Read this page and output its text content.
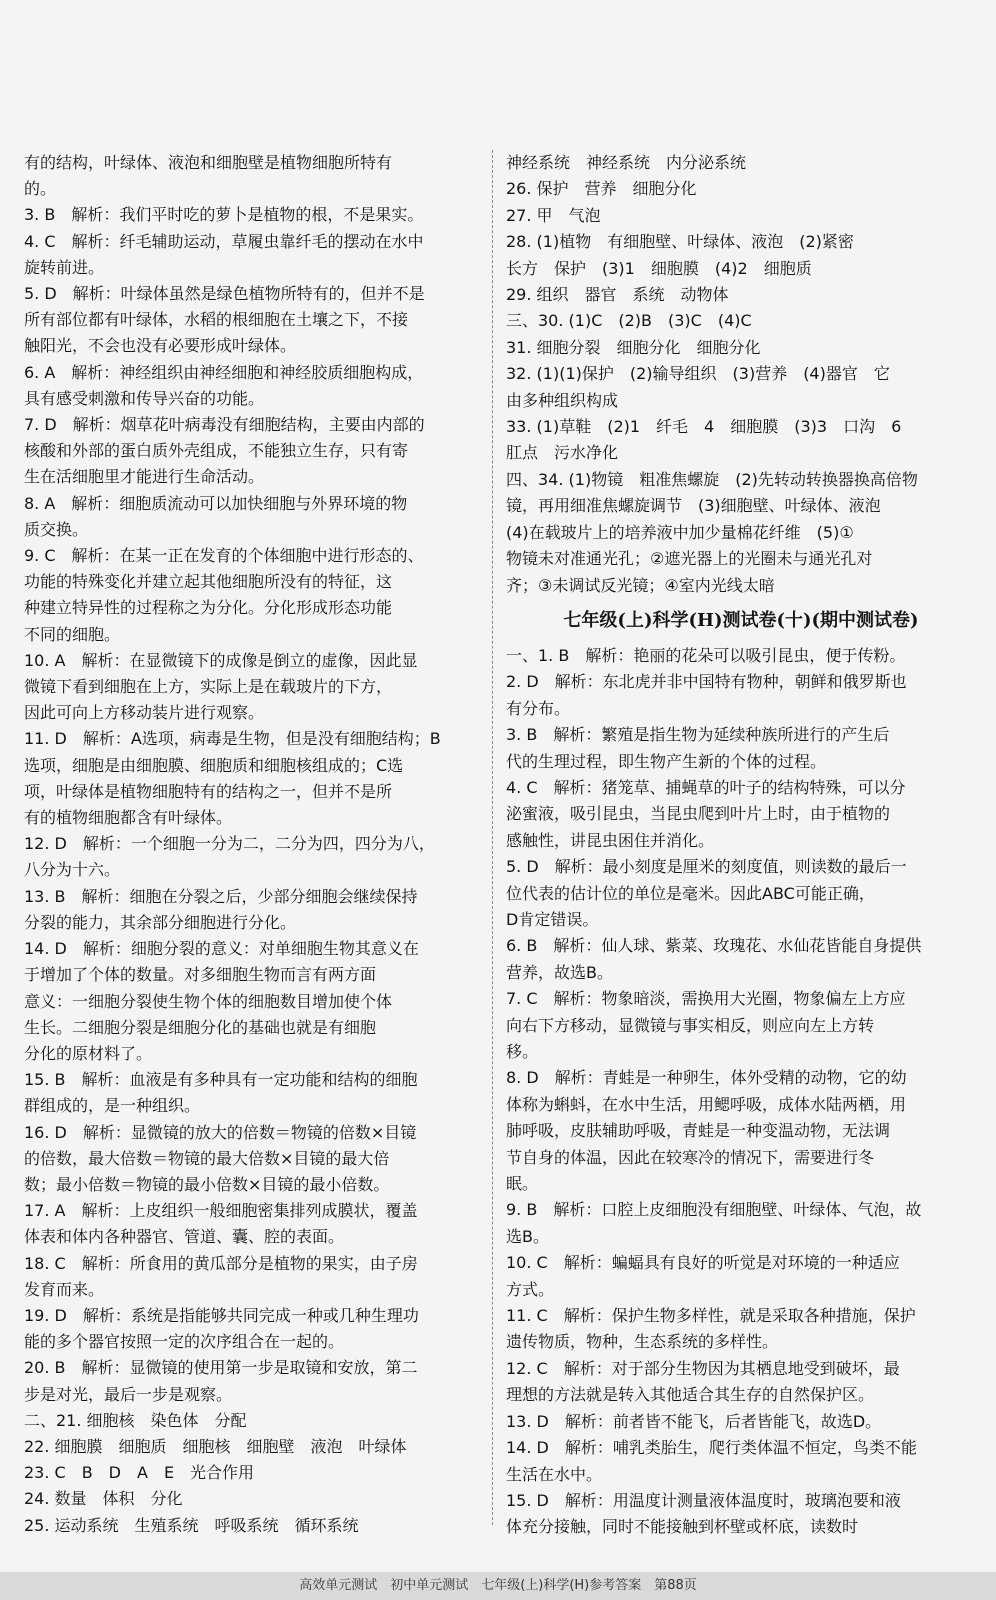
有的结构，叶绿体、液泡和细胞壁是植物细胞所特有
的。
3. B　解析：我们平时吃的萝卜是植物的根，不是果实。
4. C　解析：纤毛辅助运动，草履虫靠纤毛的摆动在水中
旋转前进。
5. D　解析：叶绿体虽然是绿色植物所特有的，但并不是
所有部位都有叶绿体，水稻的根细胞在土壤之下，不接
触阳光，不会也没有必要形成叶绿体。
6. A　解析：神经组织由神经细胞和神经胶质细胞构成，
具有感受刺激和传导兴奋的功能。
7. D　解析：烟草花叶病毒没有细胞结构，主要由内部的
核酸和外部的蛋白质外壳组成，不能独立生存，只有寄
生在活细胞里才能进行生命活动。
8. A　解析：细胞质流动可以加快细胞与外界环境的物
质交换。
9. C　解析：在某一正在发育的个体细胞中进行形态的、
功能的特殊变化并建立起其他细胞所没有的特征，这
种建立特异性的过程称之为分化。分化形成形态功能
不同的细胞。
10. A　解析：在显微镜下的成像是倒立的虚像，因此显
微镜下看到细胞在上方，实际上是在载玻片的下方，
因此可向上方移动装片进行观察。
11. D　解析：A选项，病毒是生物，但是没有细胞结构；B
选项，细胞是由细胞膜、细胞质和细胞核组成的；C选
项，叶绿体是植物细胞特有的结构之一，但并不是所
有的植物细胞都含有叶绿体。
12. D　解析：一个细胞一分为二，二分为四，四分为八，
八分为十六。
13. B　解析：细胞在分裂之后，少部分细胞会继续保持
分裂的能力，其余部分细胞进行分化。
14. D　解析：细胞分裂的意义：对单细胞生物其意义在
于增加了个体的数量。对多细胞生物而言有两方面
意义：一细胞分裂使生物个体的细胞数目增加使个体
生长。二细胞分裂是细胞分化的基础也就是有细胞
分化的原材料了。
15. B　解析：血液是有多种具有一定功能和结构的细胞
群组成的，是一种组织。
16. D　解析：显微镜的放大的倍数＝物镜的倍数×目镜
的倍数，最大倍数＝物镜的最大倍数×目镜的最大倍
数；最小倍数＝物镜的最小倍数×目镜的最小倍数。
17. A　解析：上皮组织一般细胞密集排列成膜状，覆盖
体表和体内各种器官、管道、囊、腔的表面。
18. C　解析：所食用的黄瓜部分是植物的果实，由子房
发育而来。
19. D　解析：系统是指能够共同完成一种或几种生理功
能的多个器官按照一定的次序组合在一起的。
20. B　解析：显微镜的使用第一步是取镜和安放，第二
步是对光，最后一步是观察。
二、21. 细胞核　染色体　分配
22. 细胞膜　细胞质　细胞核　细胞壁　液泡　叶绿体
23. C　B　D　A　E　光合作用
24. 数量　体积　分化
25. 运动系统　生殖系统　呼吸系统　循环系统
神经系统　神经系统　内分泌系统
26. 保护　营养　细胞分化
27. 甲　气泡
28. (1)植物　有细胞壁、叶绿体、液泡　(2)紧密
长方　保护　(3)1　细胞膜　(4)2　细胞质
29. 组织　器官　系统　动物体
三、30. (1)C　(2)B　(3)C　(4)C
31. 细胞分裂　细胞分化　细胞分化
32. (1)(1)保护　(2)输导组织　(3)营养　(4)器官　它
由多种组织构成
33. (1)草鞋　(2)1　纤毛　4　细胞膜　(3)3　口沟　6
肛点　污水净化
四、34. (1)物镜　粗准焦螺旋　(2)先转动转换器换高倍物
镜，再用细准焦螺旋调节　(3)细胞壁、叶绿体、液泡
(4)在载玻片上的培养液中加少量棉花纤维　(5)①
物镜未对准通光孔；②遮光器上的光圈未与通光孔对
齐；③未调试反光镜；④室内光线太暗
七年级(上)科学(H)测试卷(十)(期中测试卷)
一、1. B　解析：艳丽的花朵可以吸引昆虫，便于传粉。
2. D　解析：东北虎并非中国特有物种，朝鲜和俄罗斯也
有分布。
3. B　解析：繁殖是指生物为延续种族所进行的产生后
代的生理过程，即生物产生新的个体的过程。
4. C　解析：猪笼草、捕蝇草的叶子的结构特殊，可以分
泌蜜液，吸引昆虫，当昆虫爬到叶片上时，由于植物的
感触性，讲昆虫困住并消化。
5. D　解析：最小刻度是厘米的刻度值，则读数的最后一
位代表的估计位的单位是毫米。因此ABC可能正确，
D肯定错误。
6. B　解析：仙人球、紫菜、玫瑰花、水仙花皆能自身提供
营养，故选B。
7. C　解析：物象暗淡，需换用大光圈，物象偏左上方应
向右下方移动，显微镜与事实相反，则应向左上方转
移。
8. D　解析：青蛙是一种卵生，体外受精的动物，它的幼
体称为蝌蚪，在水中生活，用鳃呼吸，成体水陆两栖，用
肺呼吸，皮肤辅助呼吸，青蛙是一种变温动物，无法调
节自身的体温，因此在较寒冷的情况下，需要进行冬
眠。
9. B　解析：口腔上皮细胞没有细胞壁、叶绿体、气泡，故
选B。
10. C　解析：蝙蝠具有良好的听觉是对环境的一种适应
方式。
11. C　解析：保护生物多样性，就是采取各种措施，保护
遗传物质，物种，生态系统的多样性。
12. C　解析：对于部分生物因为其栖息地受到破坏，最
理想的方法就是转入其他适合其生存的自然保护区。
13. D　解析：前者皆不能飞，后者皆能飞，故选D。
14. D　解析：哺乳类胎生，爬行类体温不恒定，鸟类不能
生活在水中。
15. D　解析：用温度计测量液体温度时，玻璃泡要和液
体充分接触，同时不能接触到杯壁或杯底，读数时
高效单元测试　初中单元测试　七年级(上)科学(H)参考答案　第88页
